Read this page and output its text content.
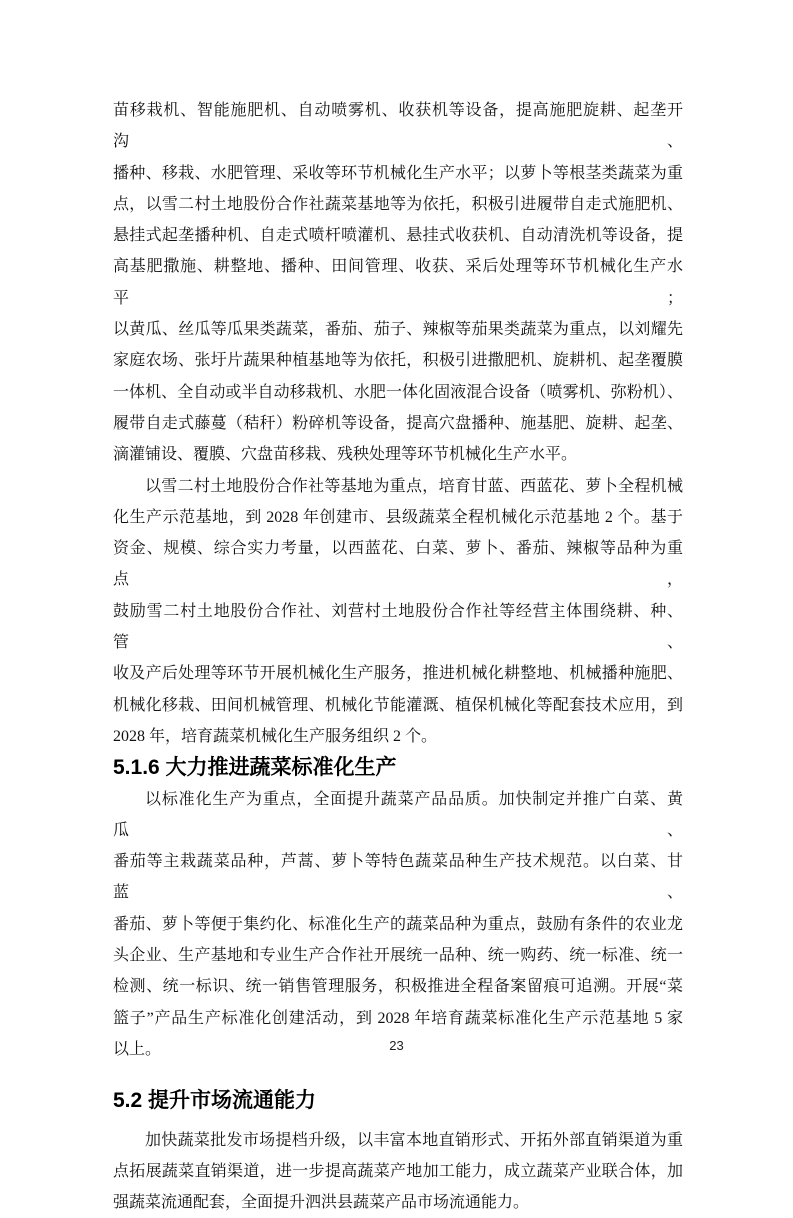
苗移栽机、智能施肥机、自动喷雾机、收获机等设备，提高施肥旋耕、起垄开沟、
播种、移栽、水肥管理、采收等环节机械化生产水平；以萝卜等根茎类蔬菜为重
点，以雪二村土地股份合作社蔬菜基地等为依托，积极引进履带自走式施肥机、
悬挂式起垄播种机、自走式喷杆喷灌机、悬挂式收获机、自动清洗机等设备，提
高基肥撒施、耕整地、播种、田间管理、收获、采后处理等环节机械化生产水平；
以黄瓜、丝瓜等瓜果类蔬菜，番茄、茄子、辣椒等茄果类蔬菜为重点，以刘耀先
家庭农场、张圩片蔬果种植基地等为依托，积极引进撒肥机、旋耕机、起垄覆膜
一体机、全自动或半自动移栽机、水肥一体化固液混合设备（喷雾机、弥粉机）、
履带自走式藤蔓（秸秆）粉碎机等设备，提高穴盘播种、施基肥、旋耕、起垄、
滴灌铺设、覆膜、穴盘苗移栽、残秧处理等环节机械化生产水平。
以雪二村土地股份合作社等基地为重点，培育甘蓝、西蓝花、萝卜全程机械
化生产示范基地，到 2028 年创建市、县级蔬菜全程机械化示范基地 2 个。基于
资金、规模、综合实力考量，以西蓝花、白菜、萝卜、番茄、辣椒等品种为重点，
鼓励雪二村土地股份合作社、刘营村土地股份合作社等经营主体围绕耕、种、管、
收及产后处理等环节开展机械化生产服务，推进机械化耕整地、机械播种施肥、
机械化移栽、田间机械管理、机械化节能灌溉、植保机械化等配套技术应用，到
2028 年，培育蔬菜机械化生产服务组织 2 个。
5.1.6 大力推进蔬菜标准化生产
以标准化生产为重点，全面提升蔬菜产品品质。加快制定并推广白菜、黄瓜、
番茄等主栽蔬菜品种，芦蒿、萝卜等特色蔬菜品种生产技术规范。以白菜、甘蓝、
番茄、萝卜等便于集约化、标准化生产的蔬菜品种为重点，鼓励有条件的农业龙
头企业、生产基地和专业生产合作社开展统一品种、统一购药、统一标准、统一
检测、统一标识、统一销售管理服务，积极推进全程备案留痕可追溯。开展“菜
篮子”产品生产标准化创建活动，到 2028 年培育蔬菜标准化生产示范基地 5 家
以上。
5.2 提升市场流通能力
加快蔬菜批发市场提档升级，以丰富本地直销形式、开拓外部直销渠道为重
点拓展蔬菜直销渠道，进一步提高蔬菜产地加工能力，成立蔬菜产业联合体，加
强蔬菜流通配套，全面提升泗洪县蔬菜产品市场流通能力。
23
